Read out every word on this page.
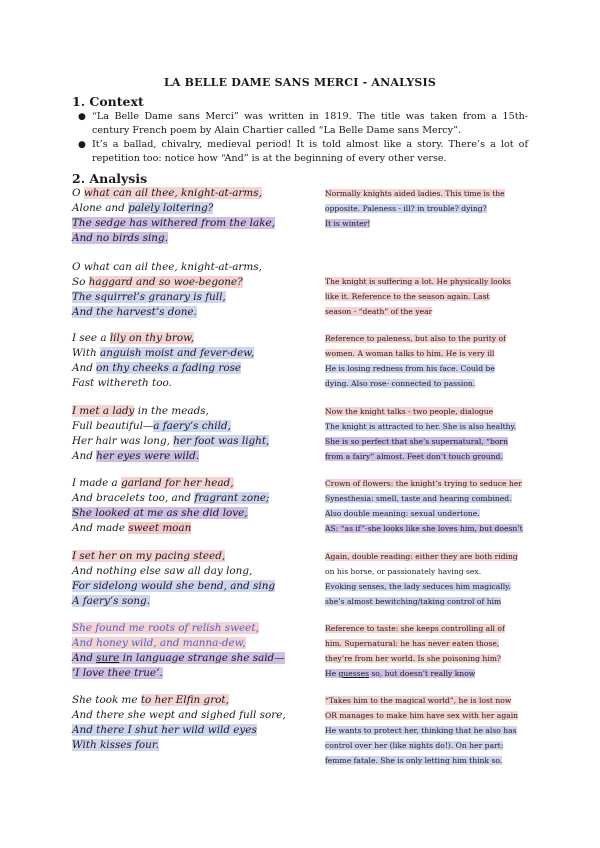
LA BELLE DAME SANS MERCI - ANALYSIS
1. Context
● “La Belle Dame sans Merci” was written in 1819. The title was taken from a 15th-century French poem by Alain Chartier called “La Belle Dame sans Mercy”.
● It’s a ballad, chivalry, medieval period! It is told almost like a story. There’s a lot of repetition too: notice how “And” is at the beginning of every other verse.
2. Analysis
O what can ail thee, knight-at-arms,
Alone and palely loitering?
The sedge has withered from the lake,
And no birds sing.
Normally knights aided ladies. This time is the
opposite. Paleness - ill? in trouble? dying?
It is winter!
O what can ail thee, knight-at-arms,
So haggard and so woe-begone?
The squirrel’s granary is full,
And the harvest’s done.
The knight is suffering a lot. He physically looks
like it. Reference to the season again. Last
season - “death” of the year
I see a lily on thy brow,
With anguish moist and fever-dew,
And on thy cheeks a fading rose
Fast withereth too.
Reference to paleness, but also to the purity of
women. A woman talks to him. He is very ill
He is losing redness from his face. Could be
dying. Also rose- connected to passion.
I met a lady in the meads,
Full beautiful—a faery’s child,
Her hair was long, her foot was light,
And her eyes were wild.
Now the knight talks - two people, dialogue
The knight is attracted to her. She is also healthy.
She is so perfect that she’s supernatural, “born
from a fairy” almost. Feet don’t touch ground.
I made a garland for her head,
And bracelets too, and fragrant zone;
She looked at me as she did love,
And made sweet moan
Crown of flowers: the knight’s trying to seduce her
Synesthesia: smell, taste and hearing combined.
Also double meaning: sexual undertone.
AS: “as if”-she looks like she loves him, but doesn’t
I set her on my pacing steed,
And nothing else saw all day long,
For sidelong would she bend, and sing
A faery’s song.
Again, double reading: either they are both riding
on his horse, or passionately having sex.
Evoking senses, the lady seduces him magically.
she’s almost bewitching/taking control of him
She found me roots of relish sweet,
And honey wild, and manna-dew,
And sure in language strange she said—
‘I love thee true’.
Reference to taste: she keeps controlling all of
him. Supernatural: he has never eaten those,
they’re from her world. Is she poisoning him?
He guesses so, but doesn’t really know
She took me to her Elfin grot,
And there she wept and sighed full sore,
And there I shut her wild wild eyes
With kisses four.
“Takes him to the magical world”, he is lost now
OR manages to make him have sex with her again
He wants to protect her, thinking that he also has
control over her (like nights do!). On her part:
femme fatale. She is only letting him think so.
